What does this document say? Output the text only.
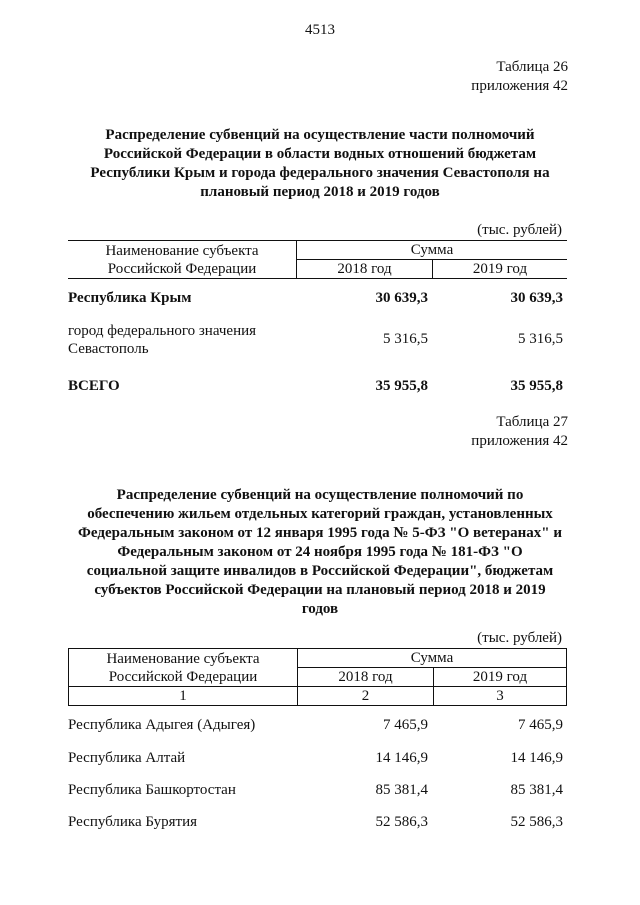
4513
Таблица 26
приложения 42
Распределение субвенций на осуществление части полномочий
Российской Федерации в области водных отношений бюджетам
Республики Крым и города федерального значения Севастополя на
плановый период 2018 и 2019 годов
(тыс. рублей)
Наименование субъекта
Российской Федерации	Сумма	
	2018 год	2019 год
Республика Крым	30 639,3	30 639,3
город федерального значения
Севастополь
5 316,5	5 316,5
ВСЕГО	35 955,8	35 955,8
Таблица 27
приложения 42
Распределение субвенций на осуществление полномочий по
обеспечению жильем отдельных категорий граждан, установленных
Федеральным законом от 12 января 1995 года № 5-ФЗ "О ветеранах" и
Федеральным законом от 24 ноября 1995 года № 181-ФЗ "О
социальной защите инвалидов в Российской Федерации", бюджетам
субъектов Российской Федерации на плановый период 2018 и 2019
годов
(тыс. рублей)
Наименование субъекта
Российской Федерации	Сумма	
	2018 год	2019 год
1	2	3
Республика Адыгея (Адыгея)	7 465,9	7 465,9
Республика Алтай	14 146,9	14 146,9
Республика Башкортостан	85 381,4	85 381,4
Республика Бурятия	52 586,3	52 586,3
